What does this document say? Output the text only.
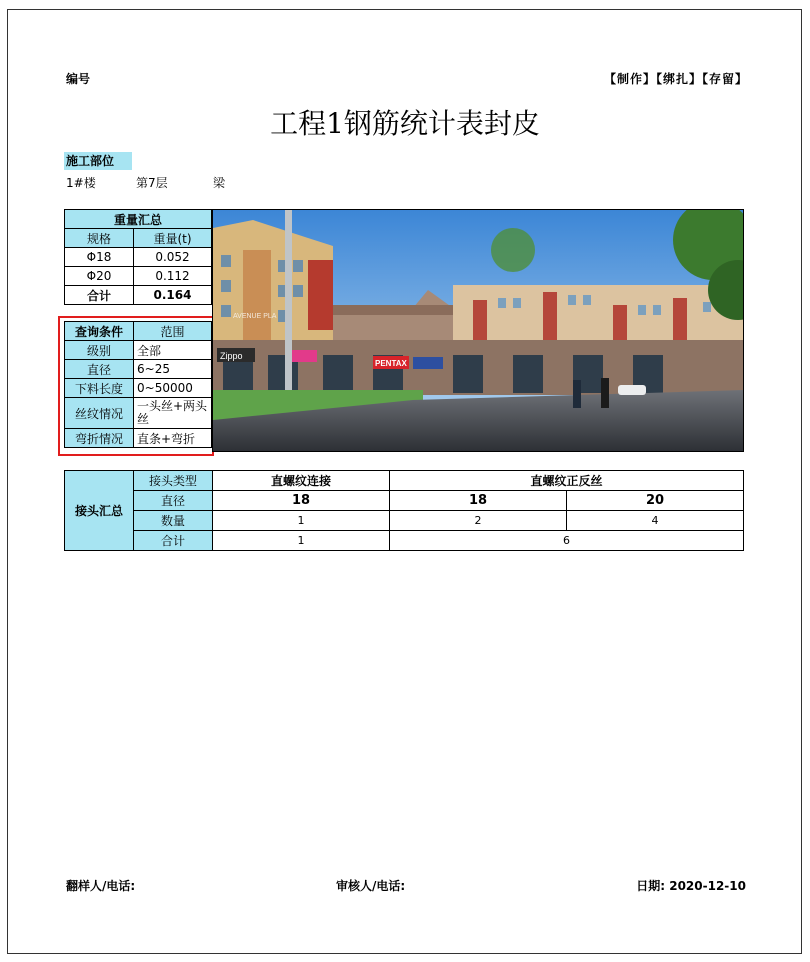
编号	【制作】【绑扎】【存留】
工程1钢筋统计表封皮
施工部位
1#楼	第7层	梁
重量汇总	
规格	重量(t)
Φ18	0.052
Φ20	0.112
合计	0.164
查询条件	范围
级别	全部
直径	6~25
下料长度	0~50000
丝纹情况	一头丝+两头丝
弯折情况	直条+弯折
Zippo
PENTAX
AVENUE PLA
接头汇总	接头类型	直螺纹连接	直螺纹正反丝	
	直径	18	18	20
	数量	1	2	4
	合计	1	6	
翻样人/电话:	审核人/电话:	日期: 2020-12-10
